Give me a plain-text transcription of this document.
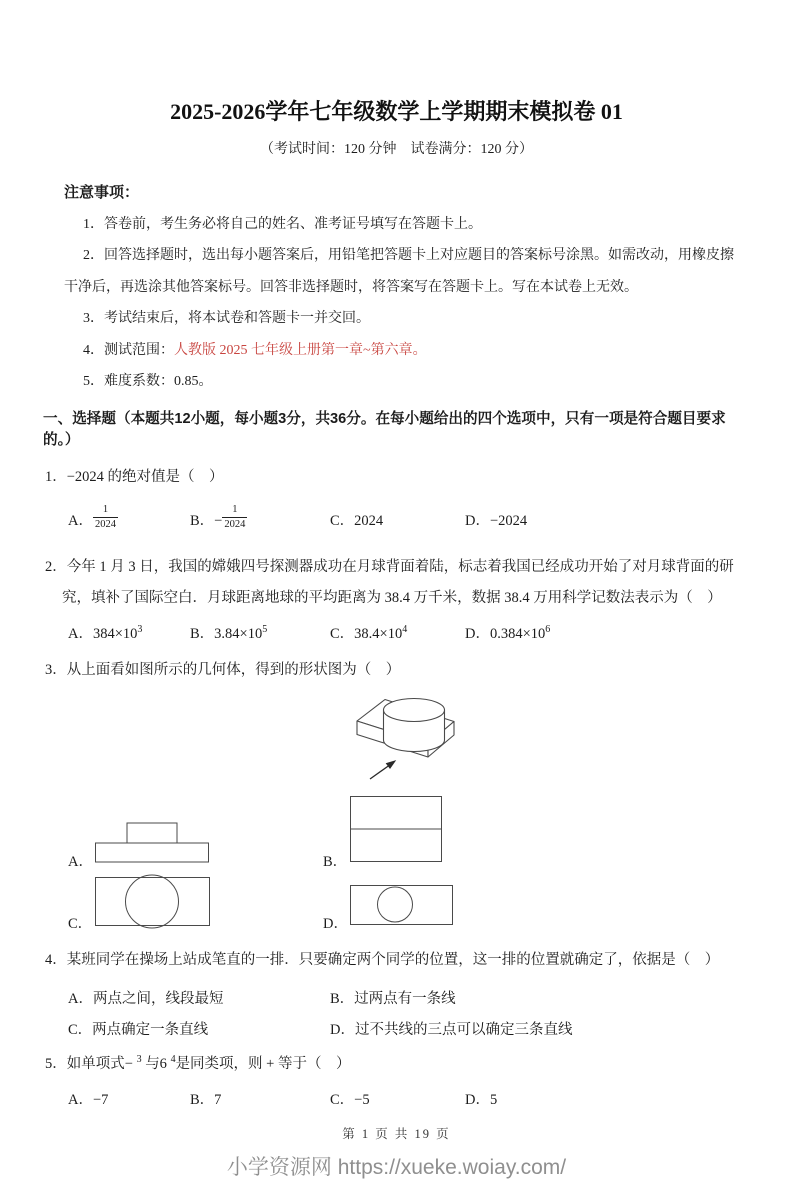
2025-2026学年七年级数学上学期期末模拟卷 01
（考试时间：120 分钟　试卷满分：120 分）
注意事项：

1．答卷前，考生务必将自己的姓名、准考证号填写在答题卡上。

2．回答选择题时，选出每小题答案后，用铅笔把答题卡上对应题目的答案标号涂黑。如需改动，用橡皮擦干净后，再选涂其他答案标号。回答非选择题时，将答案写在答题卡上。写在本试卷上无效。

3．考试结束后，将本试卷和答题卡一并交回。

4．测试范围：人教版 2025 七年级上册第一章~第六章。

5．难度系数：0.85。

一、选择题（本题共12小题，每小题3分，共36分。在每小题给出的四个选项中，只有一项是符合题目要求的。）

1．−2024 的绝对值是（　）

A． $\frac{1}{2024}$	B．− $\frac{1}{2024}$	C．2024	D．−2024

2．今年 1 月 3 日，我国的嫦娥四号探测器成功在月球背面着陆，标志着我国已经成功开始了对月球背面的研究，填补了国际空白．月球距离地球的平均距离为 38.4 万千米，数据 38.4 万用科学记数法表示为（　）

A．$384\times 10^3$	B．$3.84\times 10^5$	C．$38.4\times 10^4$	D．$0.384\times 10^6$

3．从上面看如图所示的几何体，得到的形状图为（　）

A．	B．
C．	D．

4．某班同学在操场上站成笔直的一排．只要确定两个同学的位置，这一排的位置就确定了，依据是（　）

A．两点之间，线段最短	B．过两点有一条线
C．两点确定一条直线	D．过不共线的三点可以确定三条直线

5．如单项式− $^3$ 与6 $^4$是同类项，则 + 等于（　）

A．−7	B．7	C．−5	D．5
第 1 页 共 19 页
小学资源网 https://xueke.woiay.com/
